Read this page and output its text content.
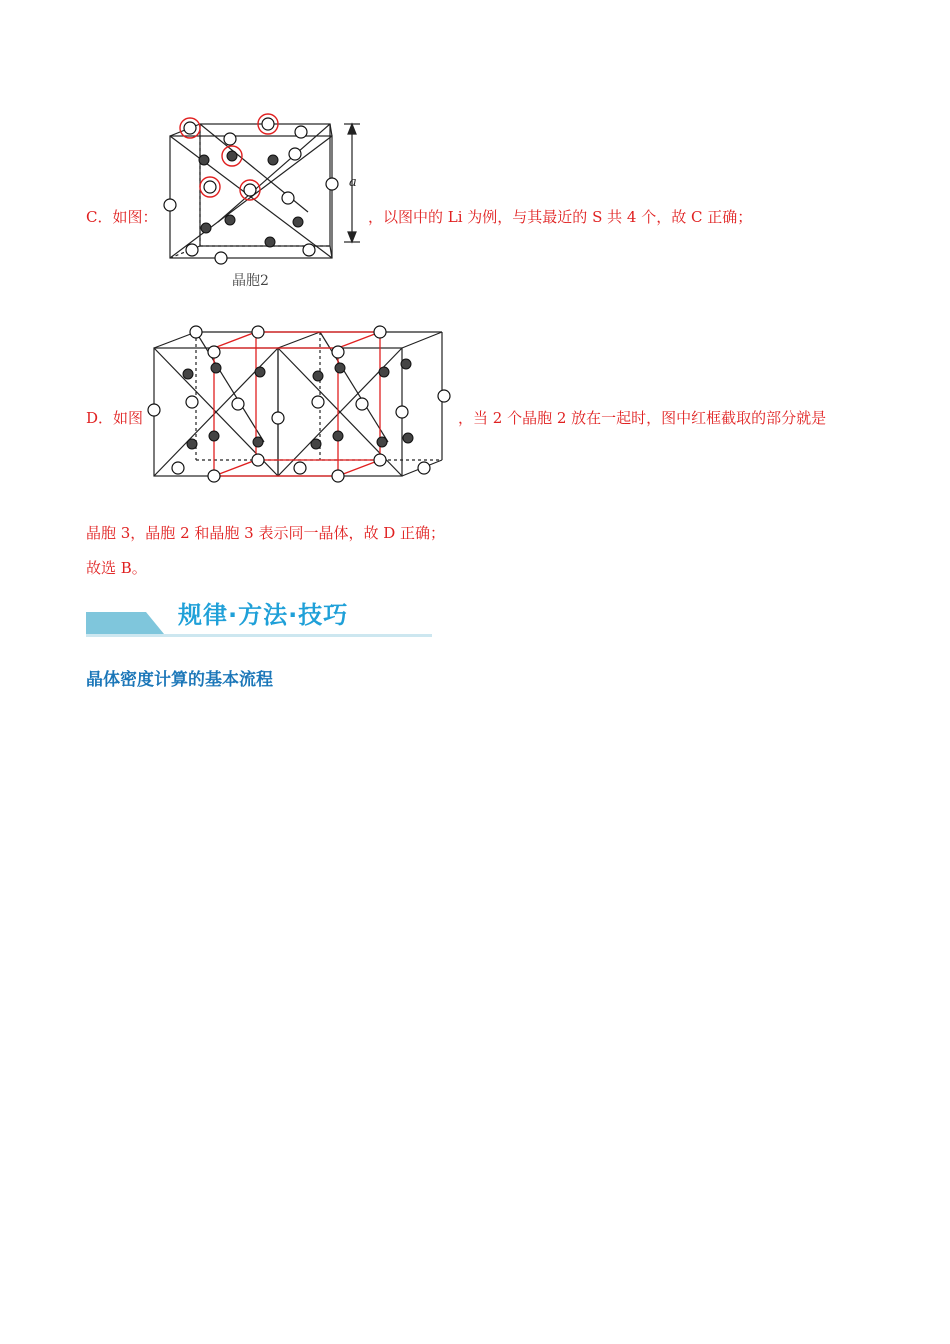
C．如图：
a
晶胞2
，以图中的 Li 为例，与其最近的 S 共 4 个，故 C 正确；
D．如图	，当 2 个晶胞 2 放在一起时，图中红框截取的部分就是
晶胞 3，晶胞 2 和晶胞 3 表示同一晶体，故 D 正确；
故选 B。
规律·方法·技巧
晶体密度计算的基本流程
